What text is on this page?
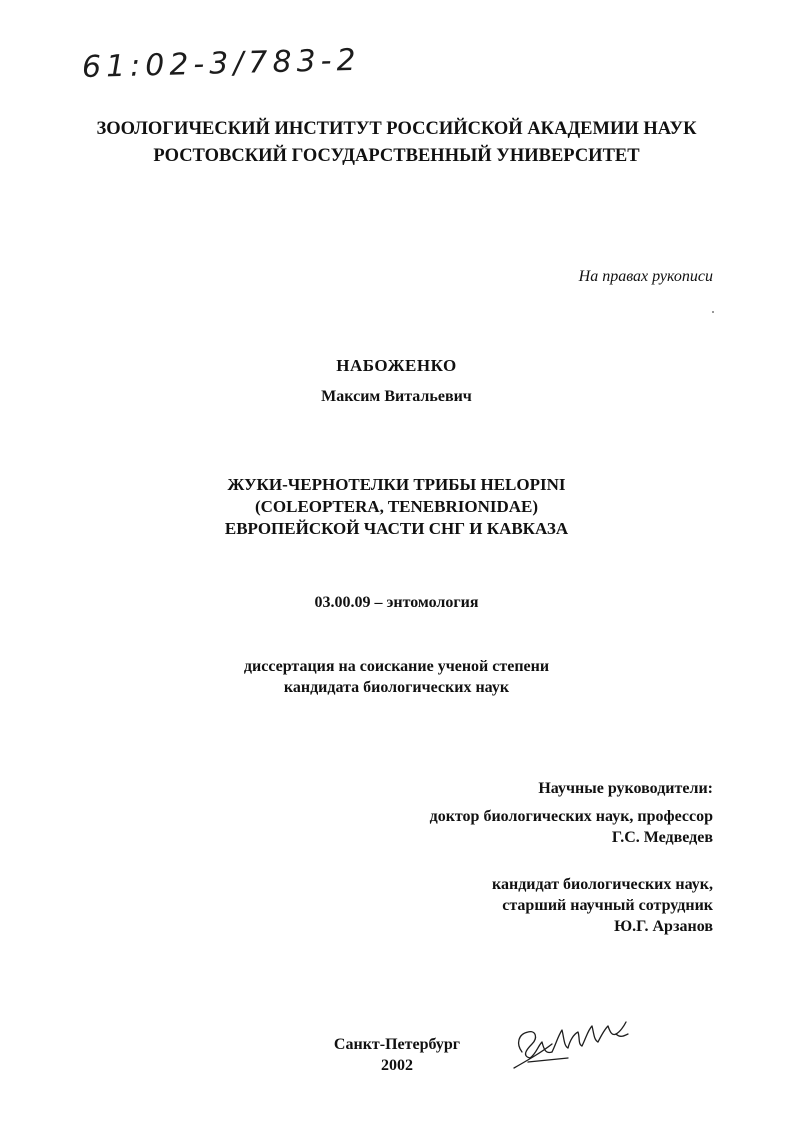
61:02-3/783-2
ЗООЛОГИЧЕСКИЙ ИНСТИТУТ РОССИЙСКОЙ АКАДЕМИИ НАУК
РОСТОВСКИЙ ГОСУДАРСТВЕННЫЙ УНИВЕРСИТЕТ
На правах рукописи
НАБОЖЕНКО
Максим Витальевич
ЖУКИ-ЧЕРНОТЕЛКИ ТРИБЫ HELOPINI
(COLEOPTERA, TENEBRIONIDAE)
ЕВРОПЕЙСКОЙ ЧАСТИ СНГ И КАВКАЗА
03.00.09 – энтомология
диссертация на соискание ученой степени
кандидата биологических наук
Научные руководители:
доктор биологических наук, профессор
Г.С. Медведев
кандидат биологических наук,
старший научный сотрудник
Ю.Г. Арзанов
Санкт-Петербург
2002
